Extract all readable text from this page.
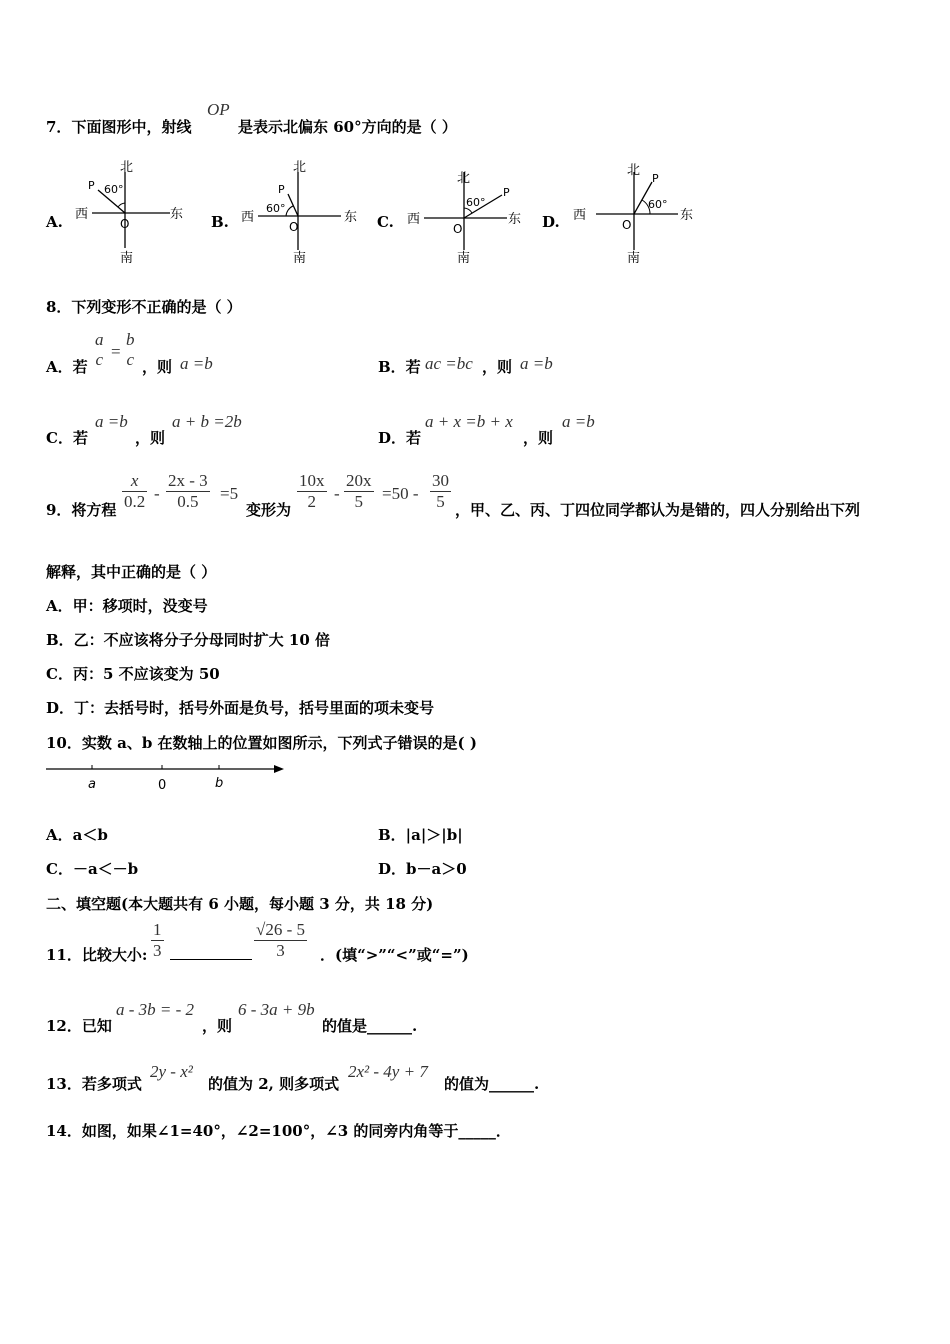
7．下面图形中，射线
OP
是表示北偏东 60°方向的是（ ）
A.	B.	C.	D.
北
南
西	东
O
P 60°
北
南
西	东
O
P
60°
北
南
西	东
O
P
60°
北
南
西	东
O
P
60°
8．下列变形不正确的是（ ）
A．若
a
c =
b
c ，则 a =b	B．若 ac =bc ，则 a =b
C．若
a =b
，则
a + b =2b
D．若
a + x =b + x
，则
a =b
9．将方程 $\frac{x}{0.2} - \frac{2x - 3}{0.5} =5$
变形为 $\frac{10x}{2} - \frac{20x}{5} =50 - \frac{30}{5}$ ，甲、乙、丙、丁四位同学都认为是错的，四人分别给出下列
解释，其中正确的是（ ）
A．甲：移项时，没变号
B．乙：不应该将分子分母同时扩大 10 倍
C．丙：5 不应该变为 50
D．丁：去括号时，括号外面是负号，括号里面的项未变号
10．实数 a、b 在数轴上的位置如图所示，下列式子错误的是( )
a	0	b
A．a＜b	B．|a|＞|b|
C．－a＜－b	D．b－a＞0
二、填空题(本大题共有 6 小题，每小题 3 分，共 18 分)
11．比较大小: $\frac{1}{3}$	$\frac{√26 - 5}{3}$ ．(填“>”“<”或“=”)
12．已知
a - 3b = - 2
，则
6 - 3a + 9b
的值是______.
13．若多项式
2y - x²
的值为 2, 则多项式
2x² - 4y + 7
的值为______.
14．如图，如果∠1=40°，∠2=100°，∠3 的同旁内角等于_____．
